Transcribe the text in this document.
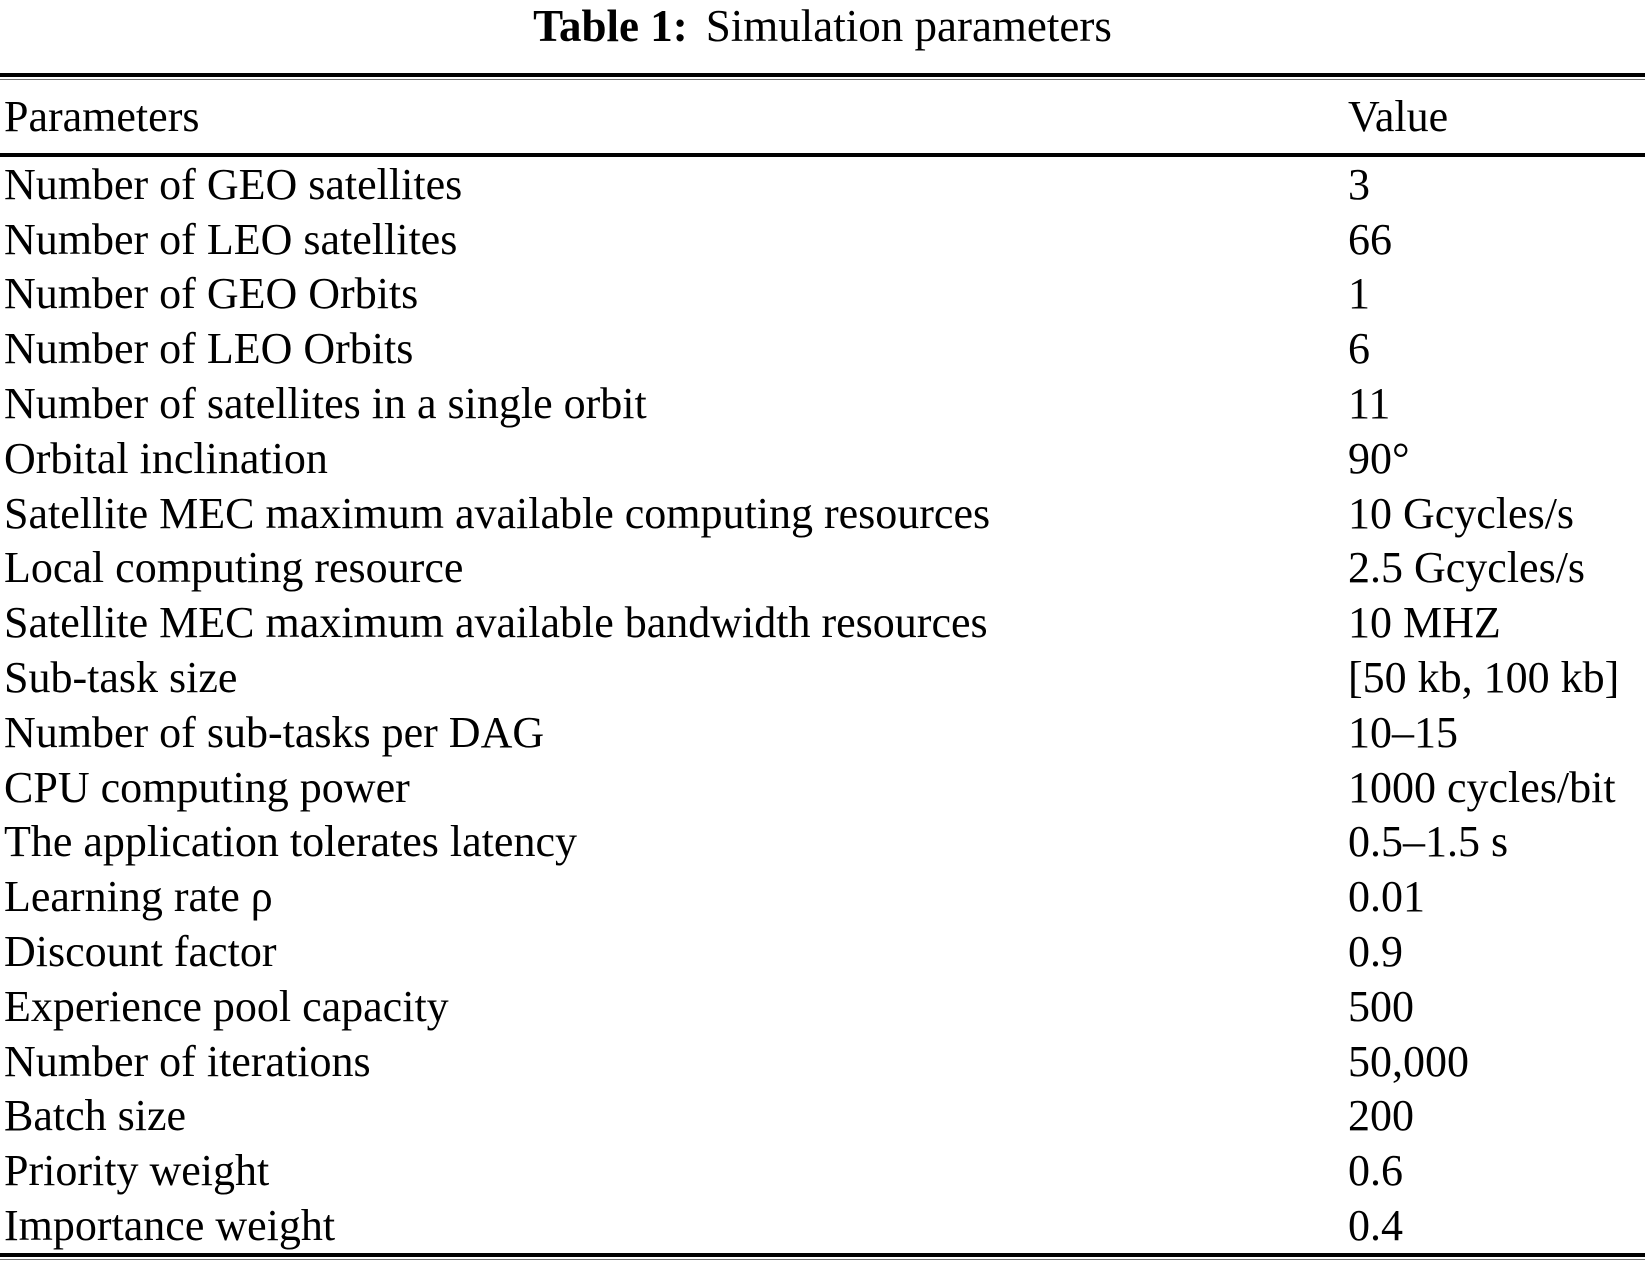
Table 1: Simulation parameters
Parameters	Value
Number of GEO satellites	3
Number of LEO satellites	66
Number of GEO Orbits	1
Number of LEO Orbits	6
Number of satellites in a single orbit	11
Orbital inclination	90°
Satellite MEC maximum available computing resources	10 Gcycles/s
Local computing resource	2.5 Gcycles/s
Satellite MEC maximum available bandwidth resources	10 MHZ
Sub-task size	[50 kb, 100 kb]
Number of sub-tasks per DAG	10–15
CPU computing power	1000 cycles/bit
The application tolerates latency	0.5–1.5 s
Learning rate ρ	0.01
Discount factor	0.9
Experience pool capacity	500
Number of iterations	50,000
Batch size	200
Priority weight	0.6
Importance weight	0.4
